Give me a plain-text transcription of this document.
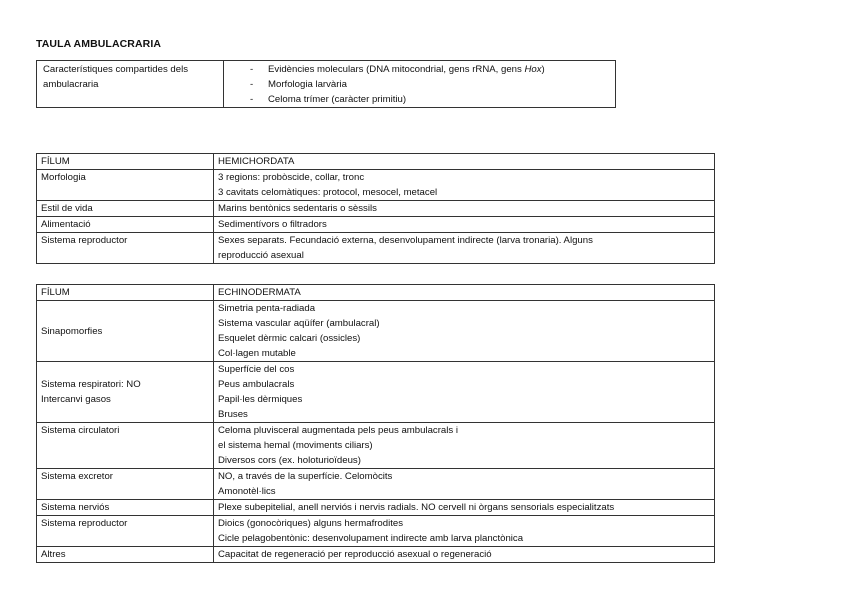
TAULA AMBULACRARIA
Característiques compartides dels ambulacraria	
- Evidències moleculars (DNA mitocondrial, gens rRNA, gens Hox)
- Morfologia larvària
- Celoma trímer (caràcter primitiu)
FÍLUM	HEMICHORDATA
Morfologia	3 regions: probòscide, collar, tronc
3 cavitats celomàtiques: protocol, mesocel, metacel

Estil de vida	Marins bentònics sedentaris o sèssils

Alimentació	Sedimentívors o filtradors

Sistema reproductor	Sexes separats. Fecundació externa, desenvolupament indirecte (larva tronaria). Alguns
reproducció asexual
FÍLUM	ECHINODERMATA
Sinapomorfies	Simetria penta-radiada
Sistema vascular aqüífer (ambulacral)
Esquelet dèrmic calcari (ossicles)
Col·lagen mutable

Sistema respiratori: NO
Intercanvi gasos	Superfície del cos
Peus ambulacrals
Papil·les dèrmiques
Bruses

Sistema circulatori	Celoma pluvisceral augmentada pels peus ambulacrals i
el sistema hemal (moviments ciliars)
Diversos cors (ex. holoturioïdeus)

Sistema excretor	NO, a través de la superfície. Celomòcits
Amonotèl·lics

Sistema nerviós	Plexe subepitelial, anell nerviós i nervis radials. NO cervell ni òrgans sensorials especialitzats

Sistema reproductor	Dioics (gonocòriques) alguns hermafrodites
Cicle pelagobentònic: desenvolupament indirecte amb larva planctònica

Altres	Capacitat de regeneració per reproducció asexual o regeneració
